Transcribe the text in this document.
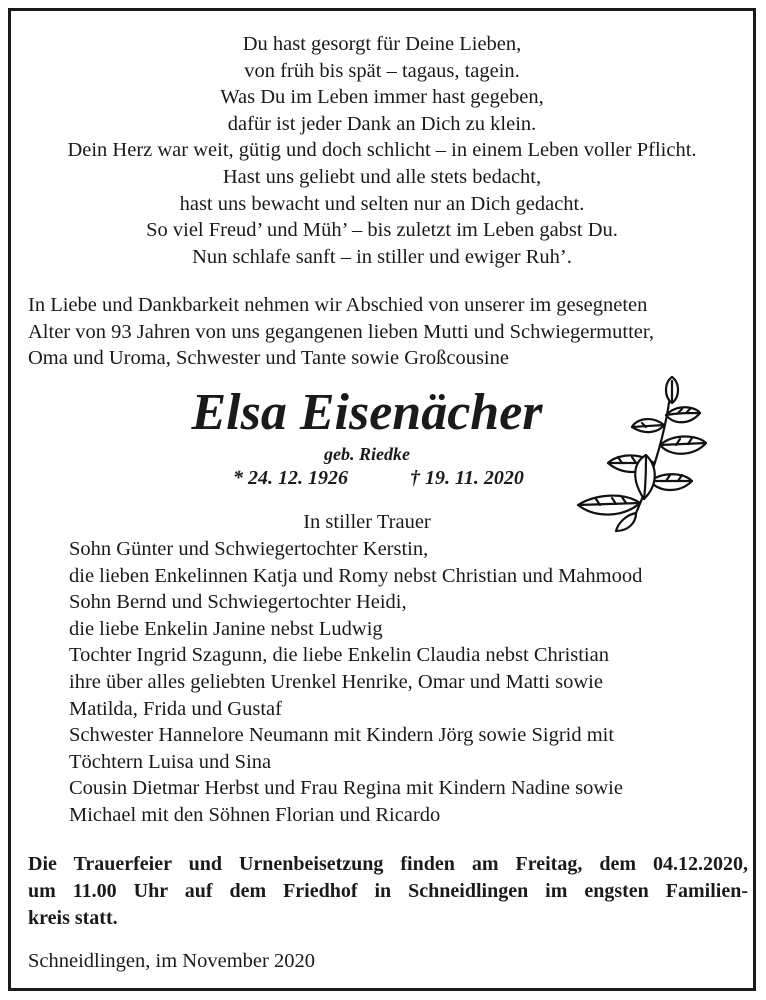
Du hast gesorgt für Deine Lieben,
von früh bis spät – tagaus, tagein.
Was Du im Leben immer hast gegeben,
dafür ist jeder Dank an Dich zu klein.
Dein Herz war weit, gütig und doch schlicht – in einem Leben voller Pflicht.
Hast uns geliebt und alle stets bedacht,
hast uns bewacht und selten nur an Dich gedacht.
So viel Freud’ und Müh’ – bis zuletzt im Leben gabst Du.
Nun schlafe sanft – in stiller und ewiger Ruh’.
In Liebe und Dankbarkeit nehmen wir Abschied von unserer im gesegneten
Alter von 93 Jahren von uns gegangenen lieben Mutti und Schwiegermutter,
Oma und Uroma, Schwester und Tante sowie Großcousine
Elsa Eisenächer
geb. Riedke
* 24. 12. 1926	† 19. 11. 2020
In stiller Trauer
Sohn Günter und Schwiegertochter Kerstin,
die lieben Enkelinnen Katja und Romy nebst Christian und Mahmood
Sohn Bernd und Schwiegertochter Heidi,
die liebe Enkelin Janine nebst Ludwig
Tochter Ingrid Szagunn, die liebe Enkelin Claudia nebst Christian
ihre über alles geliebten Urenkel Henrike, Omar und Matti sowie
Matilda, Frida und Gustaf
Schwester Hannelore Neumann mit Kindern Jörg sowie Sigrid mit
Töchtern Luisa und Sina
Cousin Dietmar Herbst und Frau Regina mit Kindern Nadine sowie
Michael mit den Söhnen Florian und Ricardo
Die Trauerfeier und Urnenbeisetzung finden am Freitag, dem 04.12.2020,
um 11.00 Uhr auf dem Friedhof in Schneidlingen im engsten Familien-
kreis statt.
Schneidlingen, im November 2020
